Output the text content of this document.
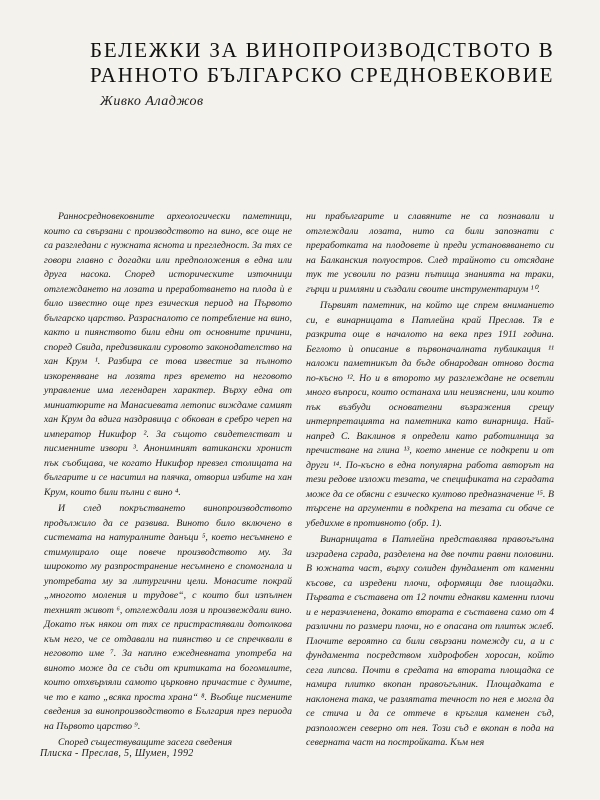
БЕЛЕЖКИ ЗА ВИНОПРОИЗВОДСТВОТО В
РАННОТО БЪЛГАРСКО СРЕДНОВЕКОВИЕ
Живко Аладжов

Ранносредновековните археологически паметници, които са свързани с производството на вино, все още не са разгледани с нужната яснота и прегледност. За тях се говори главно с догадки или предположения в една или друга насока. Според историческите източници отглеждането на лозата и преработването на плода ѝ е било известно още през езическия период на Първото българско царство. Разрасналото се потребление на вино, както и пиянството били едни от основните причини, според Свида, предизвикали суровото законодателство на хан Крум ¹. Разбира се това известие за пълното изкореняване на лозята през времето на неговото управление има легендарен характер. Върху една от миниатюрите на Манасиевата летопис виждаме самият хан Крум да вдига наздравица с обкован в сребро череп на император Никифор ². За същото свидетелстват и писменните извори ³. Анонимният ватикански хронист пък съобщава, че когато Никифор превзел столицата на българите и се наситил на плячка, отворил избите на хан Крум, които били пълни с вино ⁴.

И след покръстването винопроизводството продължило да се развива. Виното било включено в системата на натуралните данъци ⁵, което несъмнено е стимулирало още повече производството му. За широкото му разпространение несъмнено е спомогнала и употребата му за литургични цели. Монасите покрай „многото моления и трудове“, с които бил изпълнен техният живот ⁶, отглеждали лозя и произвеждали вино. Докато пък някои от тях се пристрастявали дотолкова към него, че се отдавали на пиянство и се спречквали в неговото име ⁷. За наплно ежедневната употреба на виното може да се съди от критиката на богомилите, които отхвърляли самото църковно причастие с думите, че то е като „всяка проста храна“ ⁸. Въобще писмените сведения за винопроизводството в България през периода на Първото царство ⁹.

Според съществуващите засега сведения

ни прабългарите и славяните не са познавали и отглеждали лозата, нито са били запознати с преработката на плодовете ѝ преди установяването си на Балканския полуостров. След трайното си отсядане тук те усвоили по разни пътища знанията на траки, гърци и римляни и създали своите инструментариум ¹⁰.

Първият паметник, на който ще спрем вниманието си, е винарницата в Патлейна край Преслав. Тя е разкрита още в началото на века през 1911 година. Беглото ѝ описание в първоначалната публикация ¹¹ наложи паметникът да бъде обнародван отново доста по-късно ¹². Но и в второто му разглеждане не осветли много въпроси, които останаха или неизяснени, или които пък възбуди основателни възражения срещу интерпретацията на паметника като винарница. Най-напред С. Ваклинов я определи като работилница за пречистване на глина ¹³, което мнение се подкрепи и от други ¹⁴. По-късно в една популярна работа авторът на тези редове изложи тезата, че спецификата на сградата може да се обясни с езическо култово предназначение ¹⁵. В търсене на аргументи в подкрепа на тезата си обаче се убедихме в противното (обр. 1).

Винарницата в Патлейна представлява правоъгълна изградена сграда, разделена на две почти равни половини. В южната част, върху солиден фундамент от каменни късове, са изредени плочи, оформящи две площадки. Първата е съставена от 12 почти еднакви каменни плочи и е неразчленена, докато втората е съставена само от 4 различни по размери плочи, но е опасана от плитък жлеб. Плочите вероятно са били свързани помежду си, а и с фундамента посредством хидрофобен хоросан, който сега липсва. Почти в средата на втората площадка се намира плитко вкопан правоъгълник. Площадката е наклонена така, че разлятата течност по нея е могла да се стича и да се оттече в кръглия каменен съд, разположен северно от нея. Този съд е вкопан в пода на северната част на постройката. Към нея

Плиска - Преслав, 5, Шумен, 1992
